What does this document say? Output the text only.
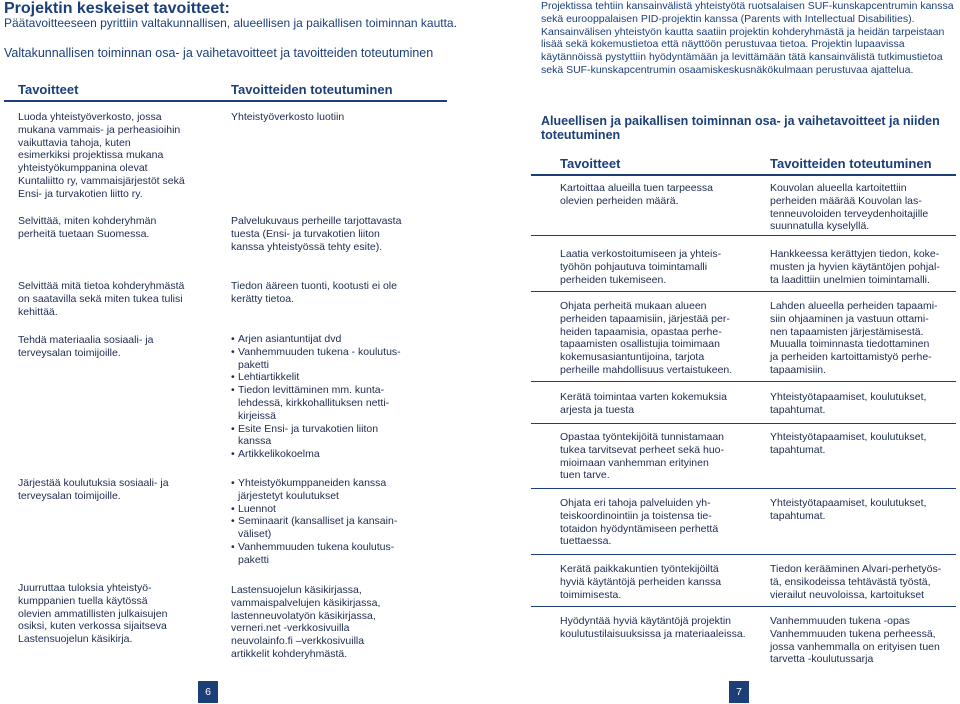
Projektin keskeiset tavoitteet:
Päätavoitteeseen pyrittiin valtakunnallisen, alueellisen ja paikallisen toiminnan kautta.
Valtakunnallisen toiminnan osa- ja vaihetavoitteet ja tavoitteiden toteutuminen
Tavoitteet	Tavoitteiden toteutuminen
Luoda yhteistyöverkosto, jossa
mukana vammais- ja perheasioihin
vaikuttavia tahoja, kuten
esimerkiksi projektissa mukana
yhteistyökumppanina olevat
Kuntaliitto ry, vammaisjärjestöt sekä
Ensi- ja turvakotien liitto ry.
Selvittää, miten kohderyhmän
perheitä tuetaan Suomessa.
Selvittää mitä tietoa kohderyhmästä
on saatavilla sekä miten tukea tulisi
kehittää.
Tehdä materiaalia sosiaali- ja
terveysalan toimijoille.
Järjestää koulutuksia sosiaali- ja
terveysalan toimijoille.
Juurruttaa tuloksia yhteistyö-
kumppanien tuella käytössä
olevien ammatillisten julkaisujen
osiksi, kuten verkossa sijaitseva
Lastensuojelun käsikirja.
Yhteistyöverkosto luotiin
Palvelukuvaus perheille tarjottavasta
tuesta (Ensi- ja turvakotien liiton
kanssa yhteistyössä tehty esite).
Tiedon ääreen tuonti, kootusti ei ole
kerätty tietoa.
• Arjen asiantuntijat dvd
• Vanhemmuuden tukena - koulutus-
paketti
• Lehtiartikkelit
• Tiedon levittäminen mm. kunta-
lehdessä, kirkkohallituksen netti-
kirjeissä
• Esite Ensi- ja turvakotien liiton
kanssa
• Artikkelikokoelma
• Yhteistyökumppaneiden kanssa
järjestetyt koulutukset
• Luennot
• Seminaarit (kansalliset ja kansain-
väliset)
• Vanhemmuuden tukena koulutus-
paketti
Lastensuojelun käsikirjassa,
vammaispalvelujen käsikirjassa,
lastenneuvolatyön käsikirjassa,
verneri.net -verkkosivuilla
neuvolainfo.fi –verkkosivuilla
artikkelit kohderyhmästä.
6
Projektissa tehtiin kansainvälistä yhteistyötä ruotsalaisen SUF-kunskapcentrumin kanssa sekä eurooppalaisen PID-projektin kanssa (Parents with Intellectual Disabilities). Kansainvälisen yhteistyön kautta saatiin projektin kohderyhmästä ja heidän tarpeistaan lisää sekä kokemustietoa että näyttöön perustuvaa tietoa. Projektin lupaavissa käytännöissä pystyttiin hyödyntämään ja levittämään tätä kansainvälistä tutkimustietoa sekä SUF-kunskapcentrumin osaamiskeskusnäkökulmaan perustuvaa ajattelua.
Alueellisen ja paikallisen toiminnan osa- ja vaihetavoitteet ja niiden toteutuminen
Tavoitteet	Tavoitteiden toteutuminen
Kartoittaa alueilla tuen tarpeessa
olevien perheiden määrä.
Laatia verkostoitumiseen ja yhteis-
työhön pohjautuva toimintamalli
perheiden tukemiseen.
Ohjata perheitä mukaan alueen
perheiden tapaamisiin, järjestää per-
heiden tapaamisia, opastaa perhe-
tapaamisten osallistujia toimimaan
kokemusasiantuntijoina, tarjota
perheille mahdollisuus vertaistukeen.
Kerätä toimintaa varten kokemuksia
arjesta ja tuesta
Opastaa työntekijöitä tunnistamaan
tukea tarvitsevat perheet sekä huo-
mioimaan vanhemman erityinen
tuen tarve.
Ohjata eri tahoja palveluiden yh-
teiskoordinointiin ja toistensa tie-
totaidon hyödyntämiseen perhettä
tuettaessa.
Kerätä paikkakuntien työntekijöiltä
hyviä käytäntöjä perheiden kanssa
toimimisesta.
Hyödyntää hyviä käytäntöjä projektin
koulutustilaisuuksissa ja materiaaleissa.
Kouvolan alueella kartoitettiin
perheiden määrää Kouvolan las-
tenneuvoloiden terveydenhoitajille
suunnatulla kyselyllä.
Hankkeessa kerättyjen tiedon, koke-
musten ja hyvien käytäntöjen pohjal-
ta laadittiin unelmien toimintamalli.
Lahden alueella perheiden tapaami-
siin ohjaaminen ja vastuun ottami-
nen tapaamisten järjestämisestä.
Muualla toiminnasta tiedottaminen
ja perheiden kartoittamistyö perhe-
tapaamisiin.
Yhteistyötapaamiset, koulutukset,
tapahtumat.
Yhteistyötapaamiset, koulutukset,
tapahtumat.
Yhteistyötapaamiset, koulutukset,
tapahtumat.
Tiedon kerääminen Alvari-perhetyös-
tä, ensikodeissa tehtävästä työstä,
vierailut neuvoloissa, kartoitukset
Vanhemmuuden tukena -opas
Vanhemmuuden tukena perheessä,
jossa vanhemmalla on erityisen tuen
tarvetta -koulutussarja
7
